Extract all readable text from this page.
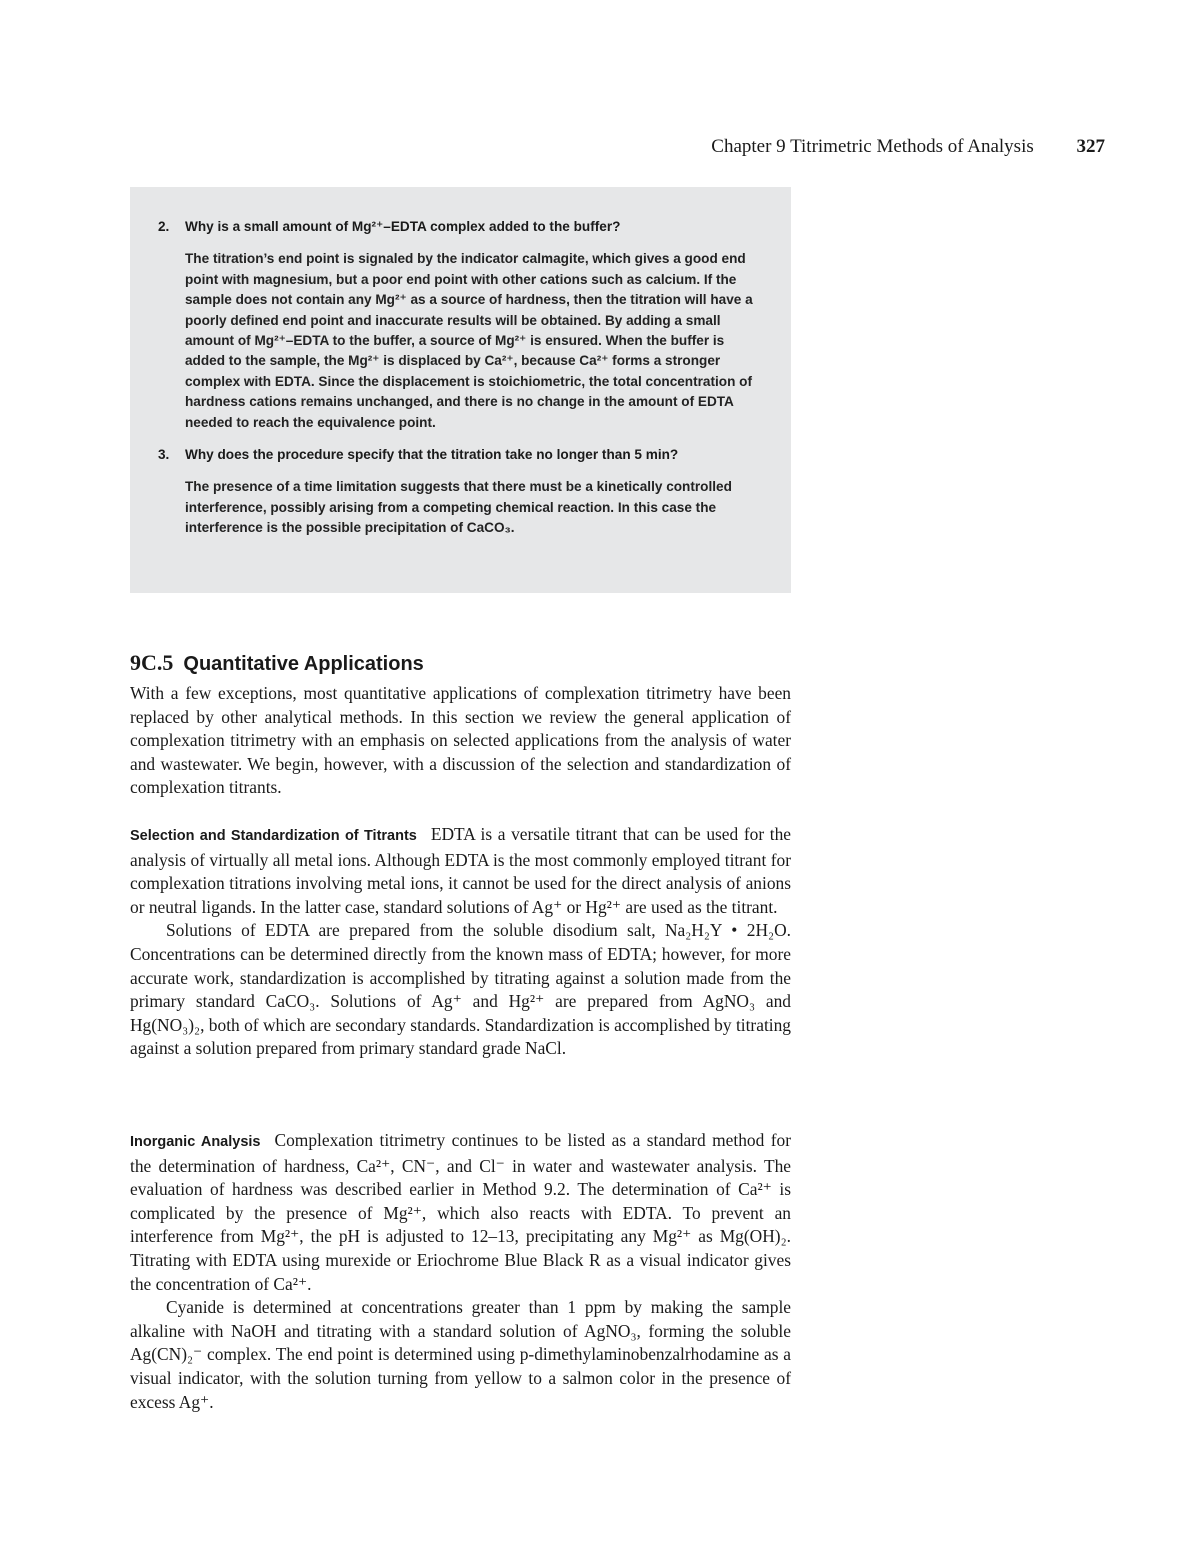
Chapter 9 Titrimetric Methods of Analysis 327
2.	Why is a small amount of Mg²⁺–EDTA complex added to the buffer?
The titration’s end point is signaled by the indicator calmagite, which gives a good end point with magnesium, but a poor end point with other cations such as calcium. If the sample does not contain any Mg²⁺ as a source of hardness, then the titration will have a poorly defined end point and inaccurate results will be obtained. By adding a small amount of Mg²⁺–EDTA to the buffer, a source of Mg²⁺ is ensured. When the buffer is added to the sample, the Mg²⁺ is displaced by Ca²⁺, because Ca²⁺ forms a stronger complex with EDTA. Since the displacement is stoichiometric, the total concentration of hardness cations remains unchanged, and there is no change in the amount of EDTA needed to reach the equivalence point.
3.	Why does the procedure specify that the titration take no longer than 5 min?
The presence of a time limitation suggests that there must be a kinetically controlled interference, possibly arising from a competing chemical reaction. In this case the interference is the possible precipitation of CaCO₃.
9C.5 Quantitative Applications

With a few exceptions, most quantitative applications of complexation titrimetry have been replaced by other analytical methods. In this section we review the general application of complexation titrimetry with an emphasis on selected applications from the analysis of water and wastewater. We begin, however, with a discussion of the selection and standardization of complexation titrants.

Selection and Standardization of Titrants EDTA is a versatile titrant that can be used for the analysis of virtually all metal ions. Although EDTA is the most commonly employed titrant for complexation titrations involving metal ions, it cannot be used for the direct analysis of anions or neutral ligands. In the latter case, standard solutions of Ag⁺ or Hg²⁺ are used as the titrant.

Solutions of EDTA are prepared from the soluble disodium salt, Na₂H₂Y • 2H₂O. Concentrations can be determined directly from the known mass of EDTA; however, for more accurate work, standardization is accomplished by titrating against a solution made from the primary standard CaCO₃. Solutions of Ag⁺ and Hg²⁺ are prepared from AgNO₃ and Hg(NO₃)₂, both of which are secondary standards. Standardization is accomplished by titrating against a solution prepared from primary standard grade NaCl.

Inorganic Analysis Complexation titrimetry continues to be listed as a standard method for the determination of hardness, Ca²⁺, CN⁻, and Cl⁻ in water and wastewater analysis. The evaluation of hardness was described earlier in Method 9.2. The determination of Ca²⁺ is complicated by the presence of Mg²⁺, which also reacts with EDTA. To prevent an interference from Mg²⁺, the pH is adjusted to 12–13, precipitating any Mg²⁺ as Mg(OH)₂. Titrating with EDTA using murexide or Eriochrome Blue Black R as a visual indicator gives the concentration of Ca²⁺.

Cyanide is determined at concentrations greater than 1 ppm by making the sample alkaline with NaOH and titrating with a standard solution of AgNO₃, forming the soluble Ag(CN)₂⁻ complex. The end point is determined using p-dimethylaminobenzalrhodamine as a visual indicator, with the solution turning from yellow to a salmon color in the presence of excess Ag⁺.
